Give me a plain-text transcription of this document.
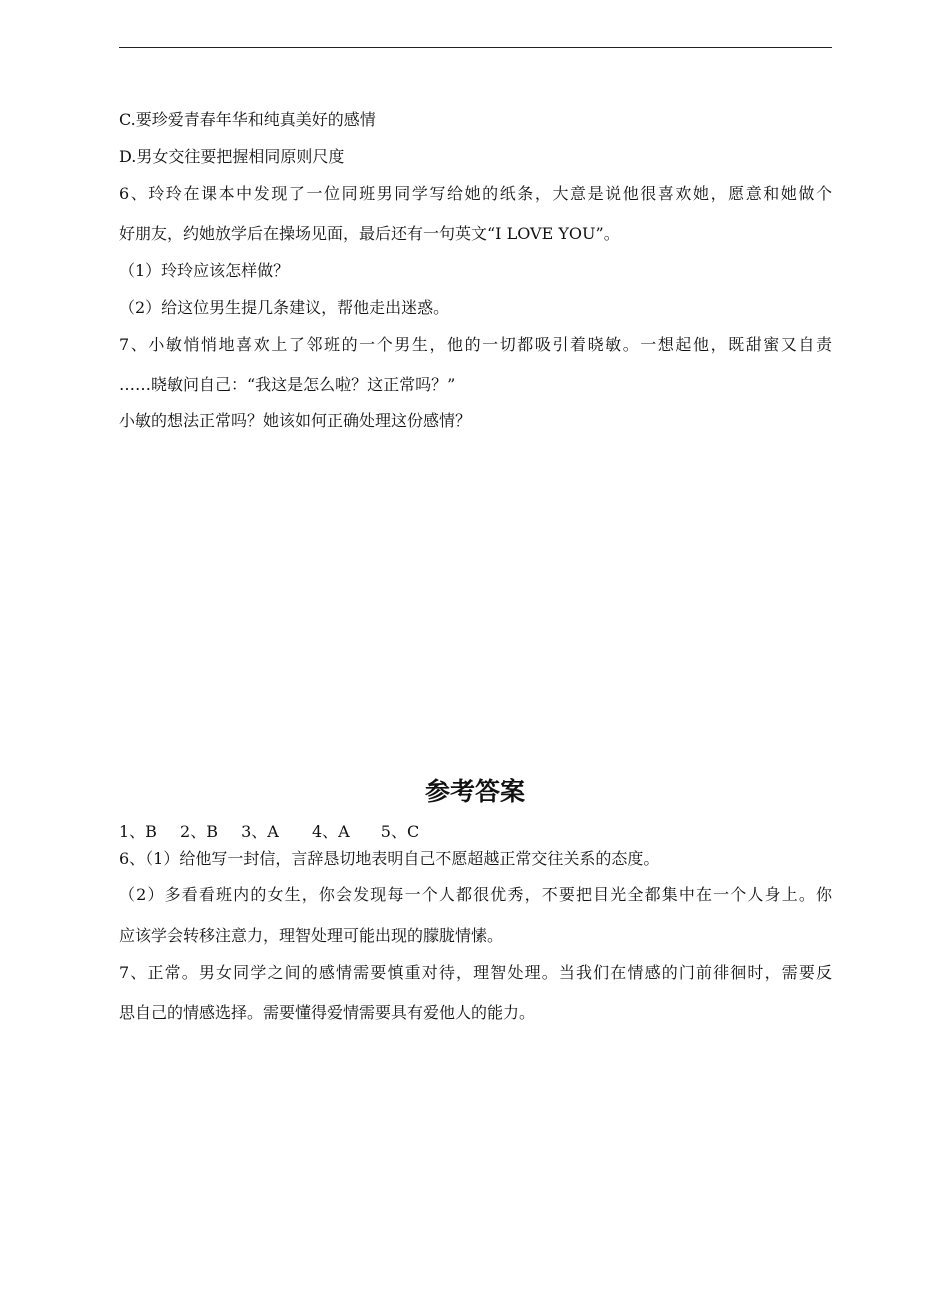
C.要珍爱青春年华和纯真美好的感情
D.男女交往要把握相同原则尺度
6、玲玲在课本中发现了一位同班男同学写给她的纸条，大意是说他很喜欢她，愿意和她做个
好朋友，约她放学后在操场见面，最后还有一句英文“I LOVE YOU”。
（1）玲玲应该怎样做？
（2）给这位男生提几条建议，帮他走出迷惑。
7、小敏悄悄地喜欢上了邻班的一个男生，他的一切都吸引着晓敏。一想起他，既甜蜜又自责
……晓敏问自己：“我这是怎么啦？这正常吗？”
小敏的想法正常吗？她该如何正确处理这份感情？
参考答案
1、B 2、B 3、A 4、A 5、C
6、（1）给他写一封信，言辞恳切地表明自己不愿超越正常交往关系的态度。
（2）多看看班内的女生，你会发现每一个人都很优秀，不要把目光全都集中在一个人身上。你
应该学会转移注意力，理智处理可能出现的朦胧情愫。
7、正常。男女同学之间的感情需要慎重对待，理智处理。当我们在情感的门前徘徊时，需要反
思自己的情感选择。需要懂得爱情需要具有爱他人的能力。
